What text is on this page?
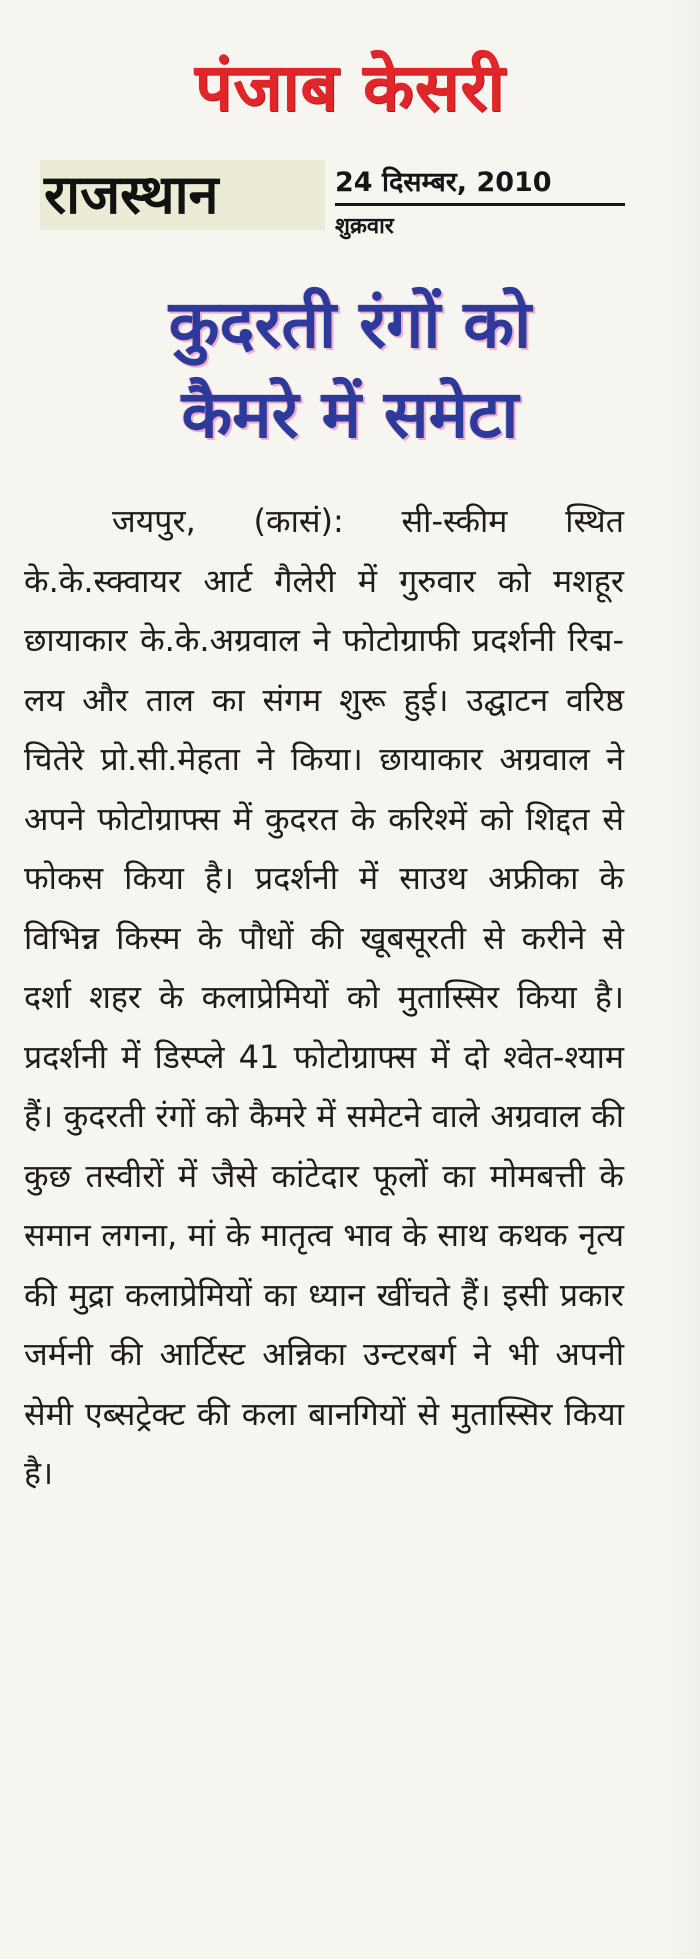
पंजाब केसरी
राजस्थान	24 दिसम्बर, 2010
शुक्रवार
कुदरती रंगों को
कैमरे में समेटा

जयपुर, (कासं): सी-स्कीम स्थित के.के.स्क्वायर आर्ट गैलेरी में गुरुवार को मशहूर छायाकार के.के.अग्रवाल ने फोटोग्राफी प्रदर्शनी रिद्म-लय और ताल का संगम शुरू हुई। उद्घाटन वरिष्ठ चितेरे प्रो.सी.मेहता ने किया। छायाकार अग्रवाल ने अपने फोटोग्राफ्स में कुदरत के करिश्में को शिद्दत से फोकस किया है। प्रदर्शनी में साउथ अफ्रीका के विभिन्न किस्म के पौधों की खूबसूरती से करीने से दर्शा शहर के कलाप्रेमियों को मुतास्सिर किया है। प्रदर्शनी में डिस्प्ले 41 फोटोग्राफ्स में दो श्वेत-श्याम हैं। कुदरती रंगों को कैमरे में समेटने वाले अग्रवाल की कुछ तस्वीरों में जैसे कांटेदार फूलों का मोमबत्ती के समान लगना, मां के मातृत्व भाव के साथ कथक नृत्य की मुद्रा कलाप्रेमियों का ध्यान खींचते हैं। इसी प्रकार जर्मनी की आर्टिस्ट अन्निका उन्टरबर्ग ने भी अपनी सेमी एब्सट्रेक्ट की कला बानगियों से मुतास्सिर किया है।
